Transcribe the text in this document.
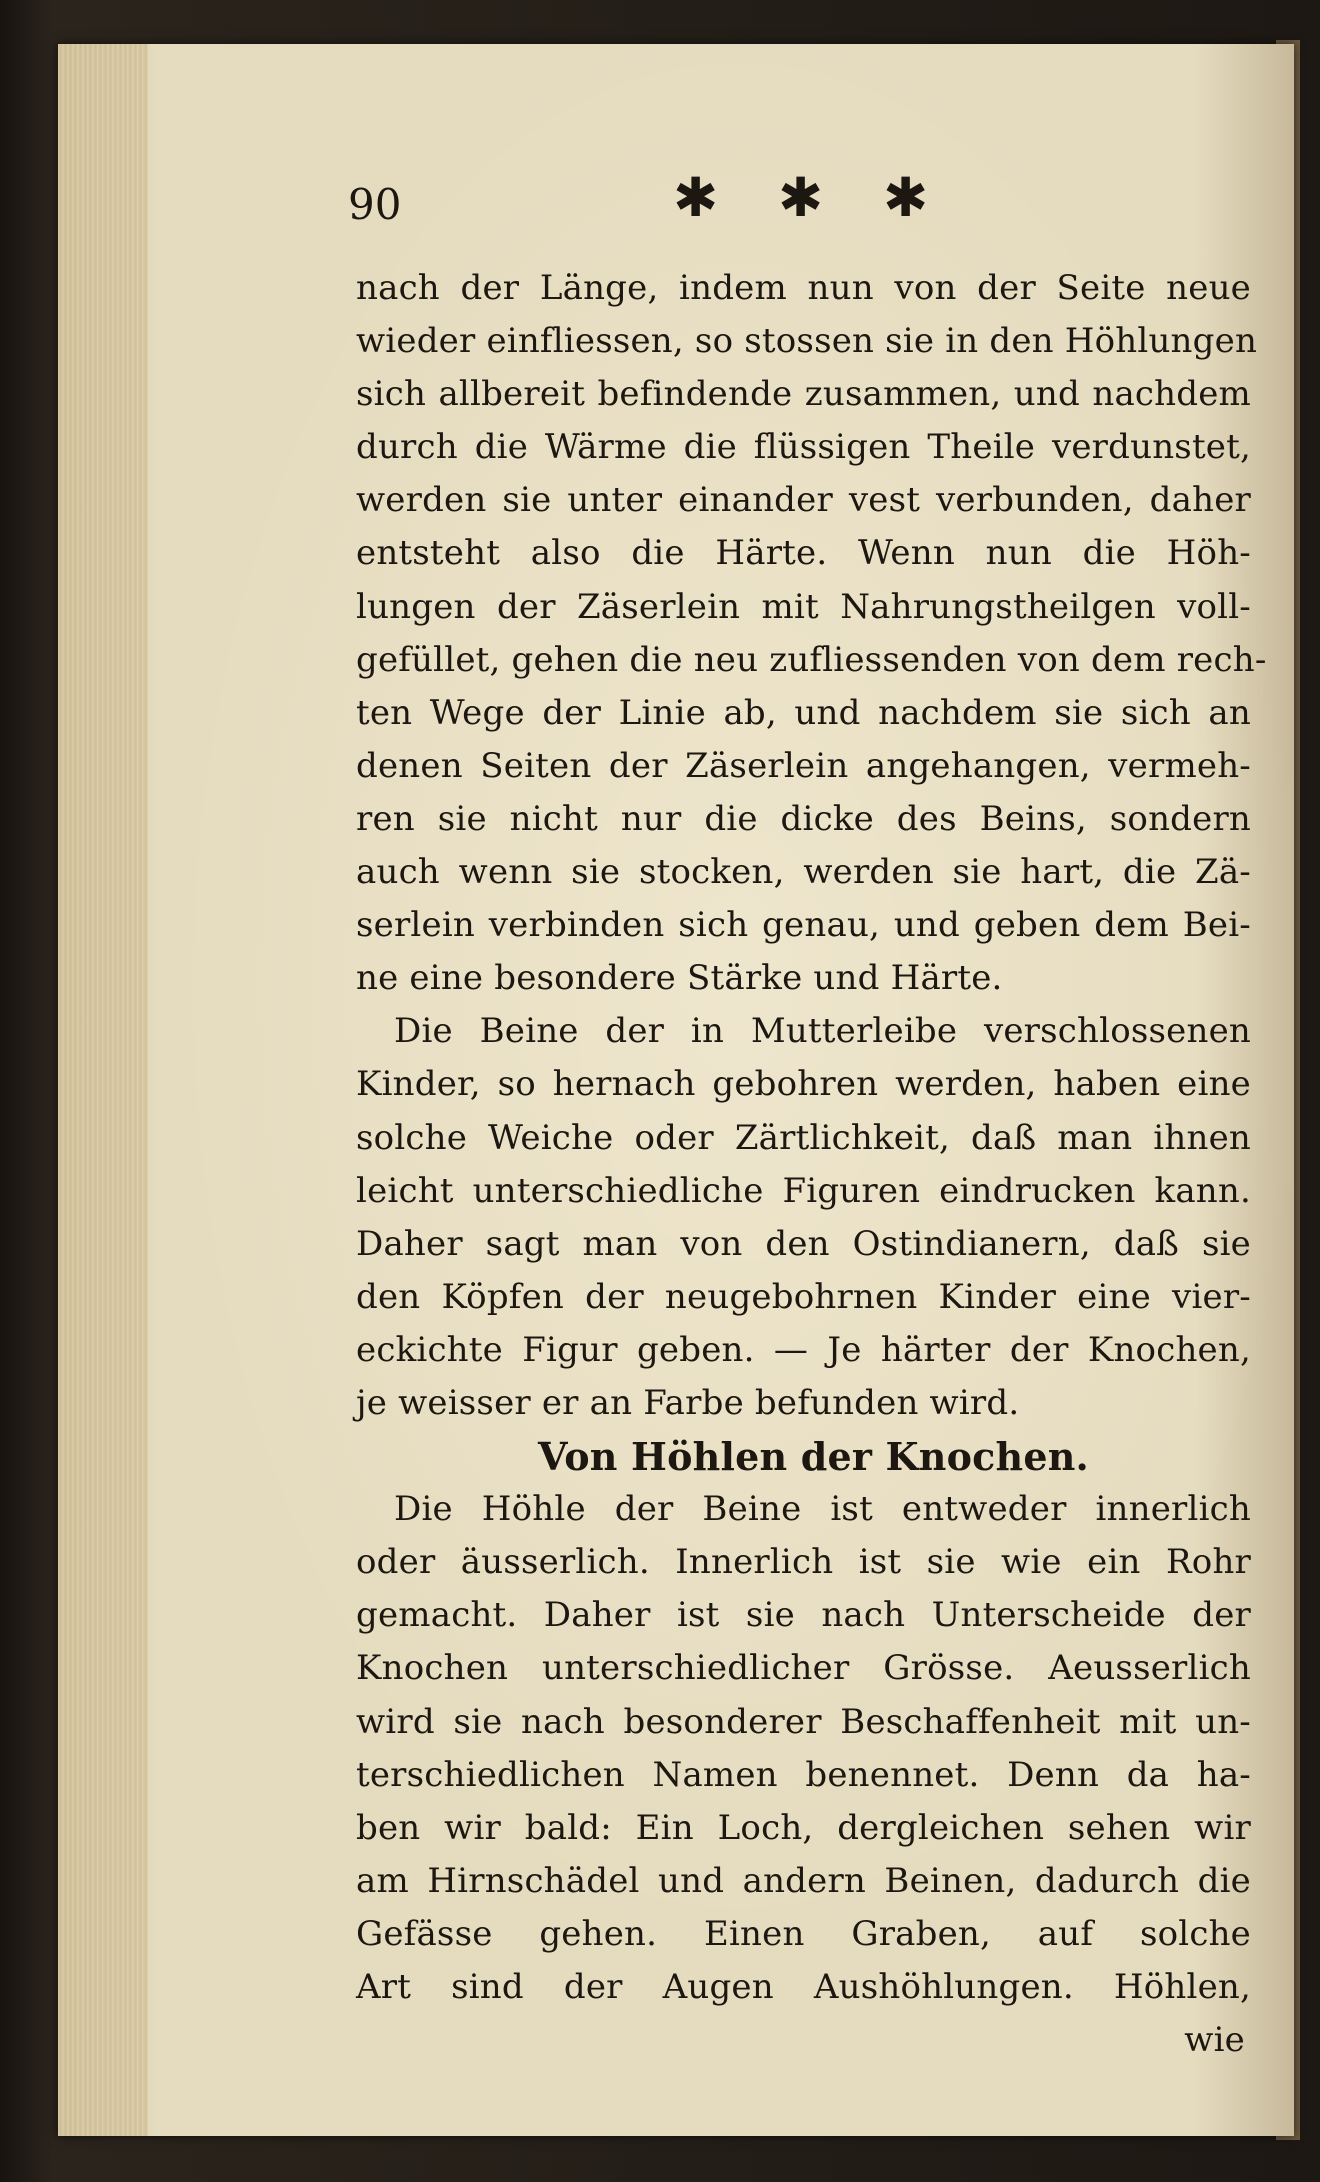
90	✱ ✱ ✱
nach der Länge, indem nun von der Seite neue
wieder einfliessen, so stossen sie in den Höhlungen
sich allbereit befindende zusammen, und nachdem
durch die Wärme die flüssigen Theile verdunstet,
werden sie unter einander vest verbunden, daher
entsteht also die Härte. Wenn nun die Höh-
lungen der Zäserlein mit Nahrungstheilgen voll-
gefüllet, gehen die neu zufliessenden von dem rech-
ten Wege der Linie ab, und nachdem sie sich an
denen Seiten der Zäserlein angehangen, vermeh-
ren sie nicht nur die dicke des Beins, sondern
auch wenn sie stocken, werden sie hart, die Zä-
serlein verbinden sich genau, und geben dem Bei-
ne eine besondere Stärke und Härte.
Die Beine der in Mutterleibe verschlossenen
Kinder, so hernach gebohren werden, haben eine
solche Weiche oder Zärtlichkeit, daß man ihnen
leicht unterschiedliche Figuren eindrucken kann.
Daher sagt man von den Ostindianern, daß sie
den Köpfen der neugebohrnen Kinder eine vier-
eckichte Figur geben. — Je härter der Knochen,
je weisser er an Farbe befunden wird.
Von Höhlen der Knochen.
Die Höhle der Beine ist entweder innerlich
oder äusserlich. Innerlich ist sie wie ein Rohr
gemacht. Daher ist sie nach Unterscheide der
Knochen unterschiedlicher Grösse. Aeusserlich
wird sie nach besonderer Beschaffenheit mit un-
terschiedlichen Namen benennet. Denn da ha-
ben wir bald: Ein Loch, dergleichen sehen wir
am Hirnschädel und andern Beinen, dadurch die
Gefässe gehen. Einen Graben, auf solche
Art sind der Augen Aushöhlungen. Höhlen,
wie
